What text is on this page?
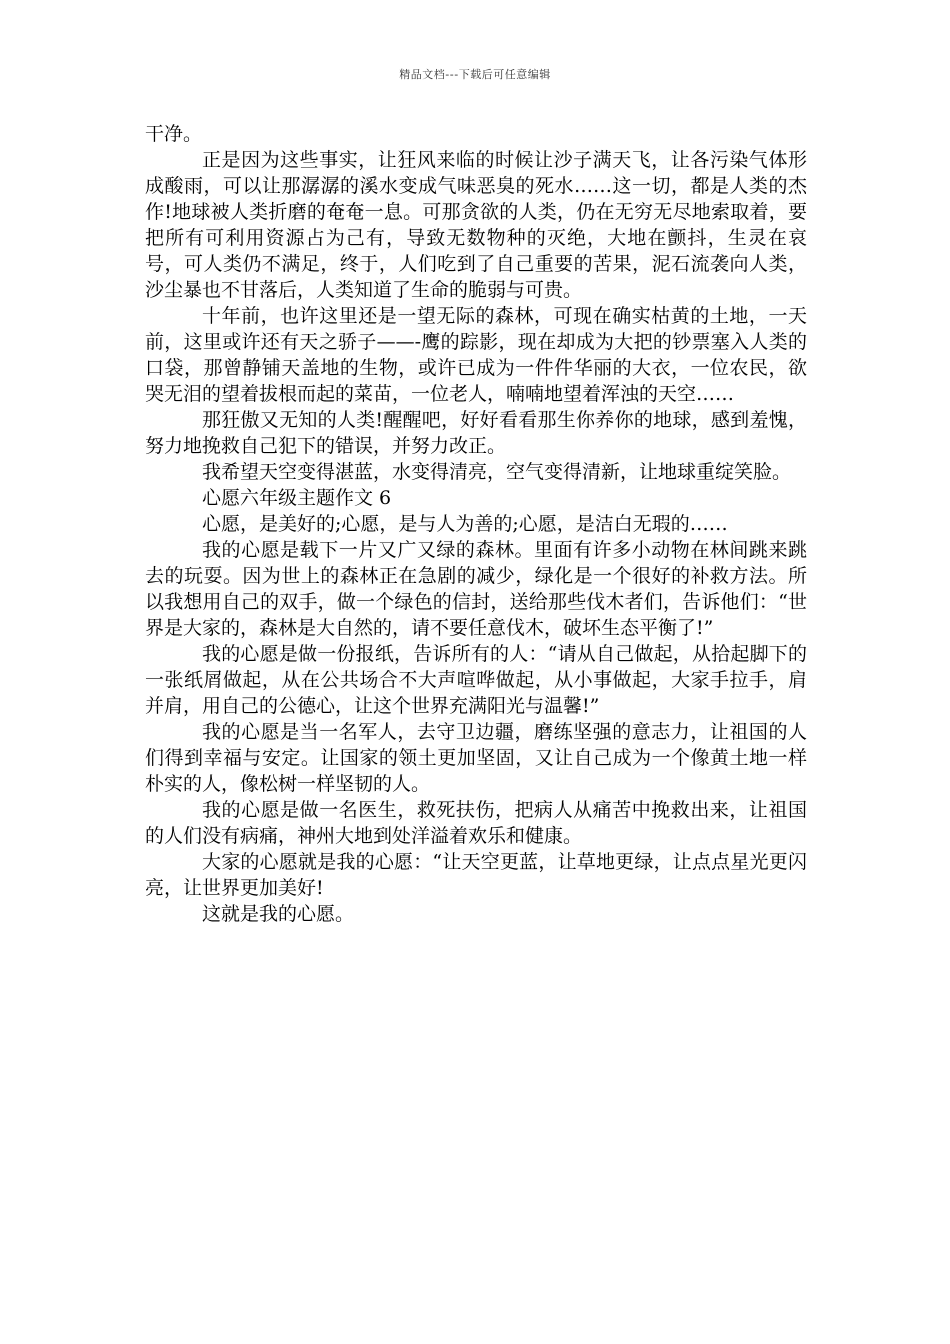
精品文档---下载后可任意编辑

干净。

正是因为这些事实，让狂风来临的时候让沙子满天飞，让各污染气体形成酸雨，可以让那潺潺的溪水变成气味恶臭的死水……这一切，都是人类的杰作!地球被人类折磨的奄奄一息。可那贪欲的人类，仍在无穷无尽地索取着，要把所有可利用资源占为己有，导致无数物种的灭绝，大地在颤抖，生灵在哀号，可人类仍不满足，终于，人们吃到了自己重要的苦果，泥石流袭向人类，沙尘暴也不甘落后，人类知道了生命的脆弱与可贵。

十年前，也许这里还是一望无际的森林，可现在确实枯黄的土地，一天前，这里或许还有天之骄子——-鹰的踪影，现在却成为大把的钞票塞入人类的口袋，那曾静铺天盖地的生物，或许已成为一件件华丽的大衣，一位农民，欲哭无泪的望着拔根而起的菜苗，一位老人，喃喃地望着浑浊的天空……

那狂傲又无知的人类!醒醒吧，好好看看那生你养你的地球，感到羞愧，努力地挽救自己犯下的错误，并努力改正。

我希望天空变得湛蓝，水变得清亮，空气变得清新，让地球重绽笑脸。

心愿六年级主题作文 6

心愿，是美好的;心愿，是与人为善的;心愿，是洁白无瑕的……

我的心愿是载下一片又广又绿的森林。里面有许多小动物在林间跳来跳去的玩耍。因为世上的森林正在急剧的减少，绿化是一个很好的补救方法。所以我想用自己的双手，做一个绿色的信封，送给那些伐木者们，告诉他们：“世界是大家的，森林是大自然的，请不要任意伐木，破坏生态平衡了!”

我的心愿是做一份报纸，告诉所有的人：“请从自己做起，从拾起脚下的一张纸屑做起，从在公共场合不大声喧哗做起，从小事做起，大家手拉手，肩并肩，用自己的公德心，让这个世界充满阳光与温馨!”

我的心愿是当一名军人，去守卫边疆，磨练坚强的意志力，让祖国的人们得到幸福与安定。让国家的领土更加坚固，又让自己成为一个像黄土地一样朴实的人，像松树一样坚韧的人。

我的心愿是做一名医生，救死扶伤，把病人从痛苦中挽救出来，让祖国的人们没有病痛，神州大地到处洋溢着欢乐和健康。

大家的心愿就是我的心愿：“让天空更蓝，让草地更绿，让点点星光更闪亮，让世界更加美好!

这就是我的心愿。
